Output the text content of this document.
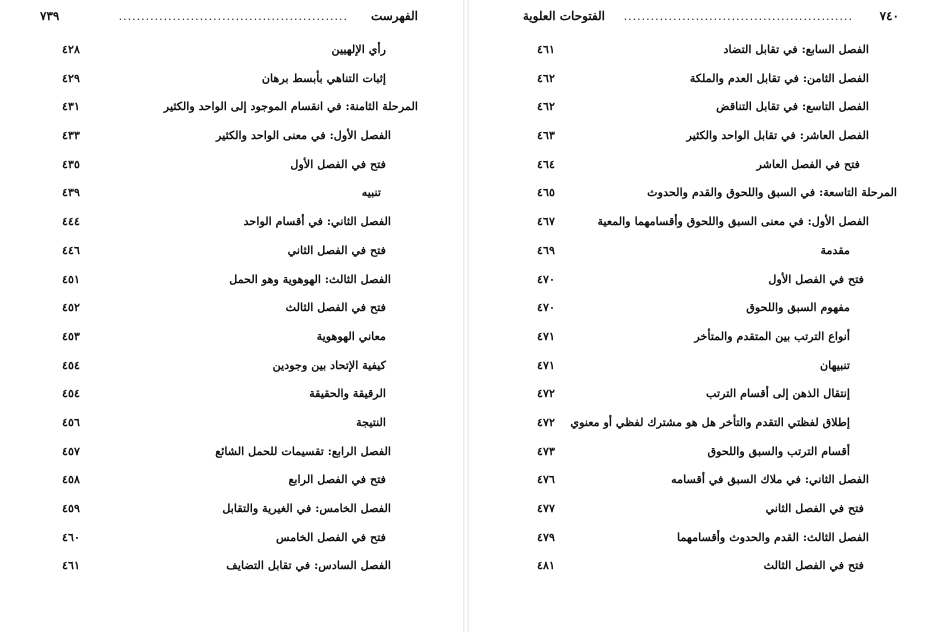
الفهرست
...................................................
٧٣٩
رأي الإلهيين
٤٢٨
إثبات التناهي بأبسط برهان
٤٢٩
المرحلة الثامنة: في انقسام الموجود إلى الواحد والكثير
٤٣١
الفصل الأول: في معنى الواحد والكثير
٤٣٣
فتح في الفصل الأول
٤٣٥
تنبيه
٤٣٩
الفصل الثاني: في أقسام الواحد
٤٤٤
فتح في الفصل الثاني
٤٤٦
الفصل الثالث: الهوهوية وهو الحمل
٤٥١
فتح في الفصل الثالث
٤٥٢
معاني الهوهوية
٤٥٣
كيفية الإتحاد بين وجودين
٤٥٤
الرقيقة والحقيقة
٤٥٤
النتيجة
٤٥٦
الفصل الرابع: تقسيمات للحمل الشائع
٤٥٧
فتح في الفصل الرابع
٤٥٨
الفصل الخامس: في الغيرية والتقابل
٤٥٩
فتح في الفصل الخامس
٤٦٠
الفصل السادس: في تقابل التضايف
٤٦١
الفتوحات العلوية ................................................... ٧٤٠
الفصل السابع: في تقابل التضاد
٤٦١
الفصل الثامن: في تقابل العدم والملكة
٤٦٢
الفصل التاسع: في تقابل التناقض
٤٦٢
الفصل العاشر: في تقابل الواحد والكثير
٤٦٣
فتح في الفصل العاشر
٤٦٤
المرحلة التاسعة: في السبق واللحوق والقدم والحدوث
٤٦٥
الفصل الأول: في معنى السبق واللحوق وأقسامهما والمعية
٤٦٧
مقدمة
٤٦٩
فتح في الفصل الأول
٤٧٠
مفهوم السبق واللحوق
٤٧٠
أنواع الترتب بين المتقدم والمتأخر
٤٧١
تنبيهان
٤٧١
إنتقال الذهن إلى أقسام الترتب
٤٧٢
إطلاق لفظتي التقدم والتأخر هل هو مشترك لفظي أو معنوي
٤٧٢
أقسام الترتب والسبق واللحوق
٤٧٣
الفصل الثاني: في ملاك السبق في أقسامه
٤٧٦
فتح في الفصل الثاني
٤٧٧
الفصل الثالث: القدم والحدوث وأقسامهما
٤٧٩
فتح في الفصل الثالث
٤٨١
